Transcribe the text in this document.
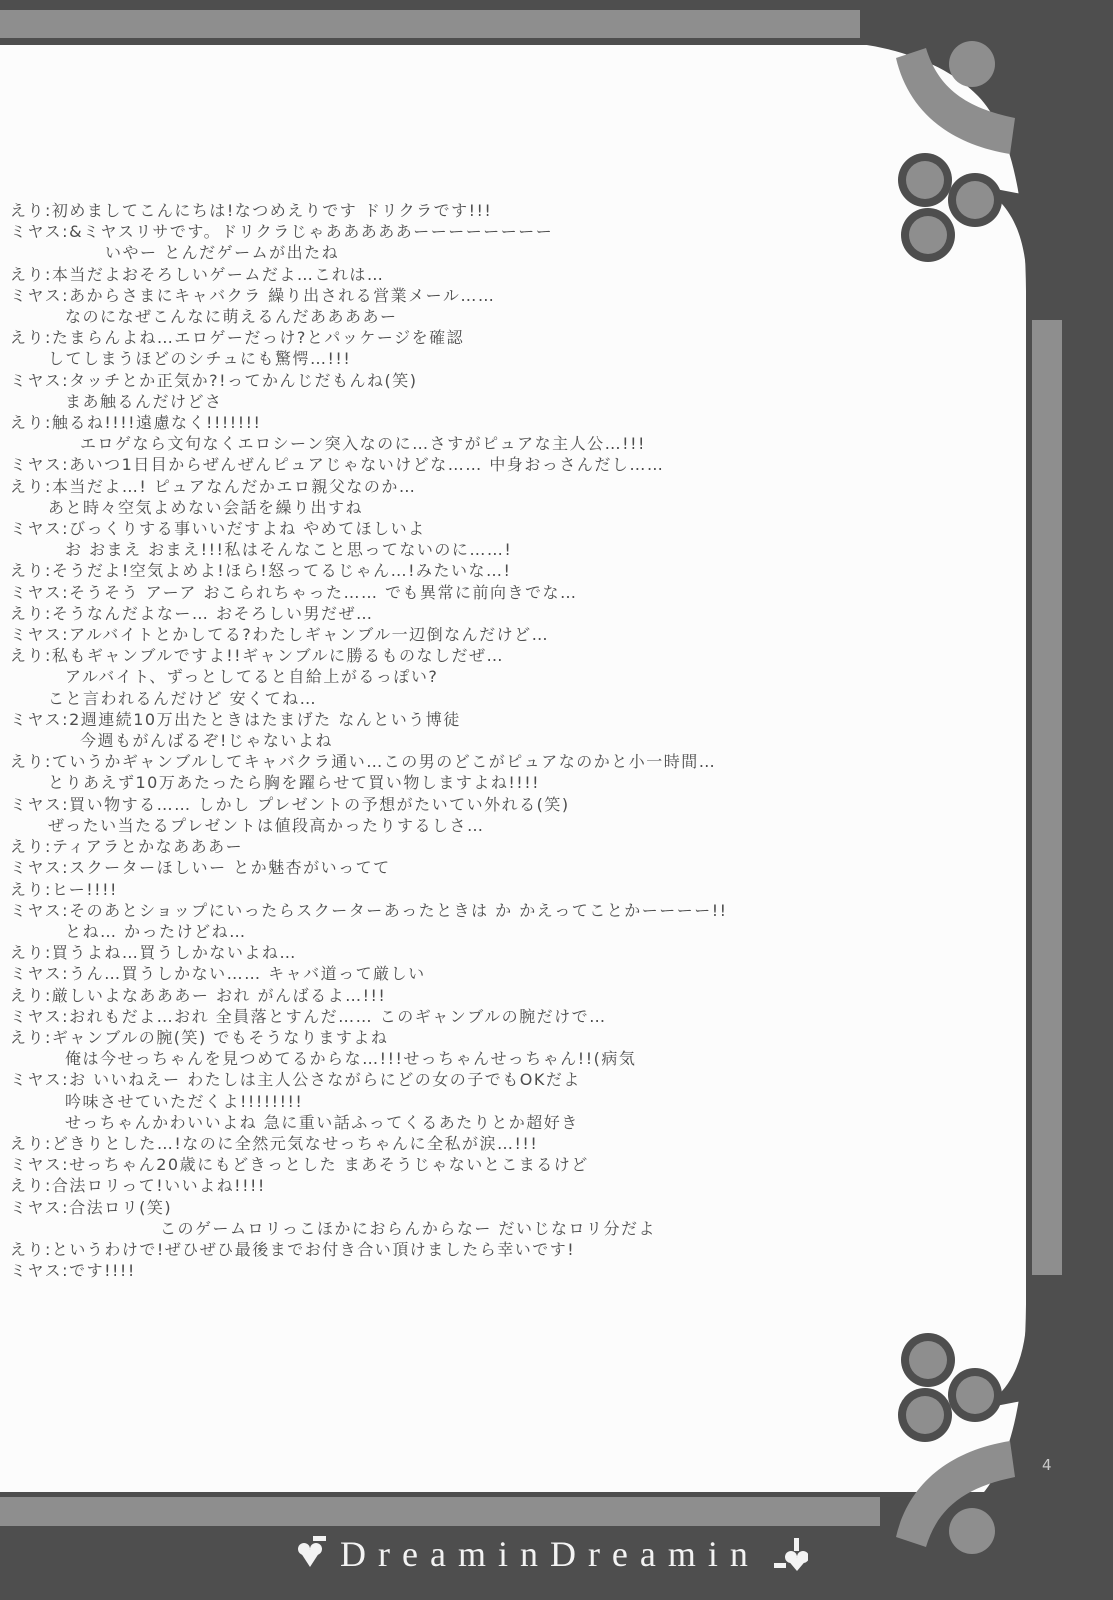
えり:初めましてこんにちは!なつめえりです ドリクラです!!!
ミヤス:&ミヤスリサです。ドリクラじゃあああああーーーーーーーー
いやー とんだゲームが出たね
えり:本当だよおそろしいゲームだよ…これは…
ミヤス:あからさまにキャバクラ 繰り出される営業メール……
なのになぜこんなに萌えるんだああああー
えり:たまらんよね…エロゲーだっけ?とパッケージを確認
してしまうほどのシチュにも驚愕…!!!
ミヤス:タッチとか正気か?!ってかんじだもんね(笑)
まあ触るんだけどさ
えり:触るね!!!!遠慮なく!!!!!!!
エロゲなら文句なくエロシーン突入なのに…さすがピュアな主人公…!!!
ミヤス:あいつ1日目からぜんぜんピュアじゃないけどな…… 中身おっさんだし……
えり:本当だよ…! ピュアなんだかエロ親父なのか…
あと時々空気よめない会話を繰り出すね
ミヤス:びっくりする事いいだすよね やめてほしいよ
お おまえ おまえ!!!私はそんなこと思ってないのに……!
えり:そうだよ!空気よめよ!ほら!怒ってるじゃん…!みたいな…!
ミヤス:そうそう アーア おこられちゃった…… でも異常に前向きでな…
えり:そうなんだよなー… おそろしい男だぜ…
ミヤス:アルバイトとかしてる?わたしギャンブル一辺倒なんだけど…
えり:私もギャンブルですよ!!ギャンブルに勝るものなしだぜ…
アルバイト、ずっとしてると自給上がるっぽい?
こと言われるんだけど 安くてね…
ミヤス:2週連続10万出たときはたまげた なんという博徒
今週もがんばるぞ!じゃないよね
えり:ていうかギャンブルしてキャバクラ通い…この男のどこがピュアなのかと小一時間…
とりあえず10万あたったら胸を躍らせて買い物しますよね!!!!
ミヤス:買い物する…… しかし プレゼントの予想がたいてい外れる(笑)
ぜったい当たるプレゼントは値段高かったりするしさ…
えり:ティアラとかなあああー
ミヤス:スクーターほしいー とか魅杏がいってて
えり:ヒー!!!!
ミヤス:そのあとショップにいったらスクーターあったときは か かえってことかーーーー!!
とね… かったけどね…
えり:買うよね…買うしかないよね…
ミヤス:うん…買うしかない…… キャバ道って厳しい
えり:厳しいよなあああー おれ がんばるよ…!!!
ミヤス:おれもだよ…おれ 全員落とすんだ…… このギャンブルの腕だけで…
えり:ギャンブルの腕(笑) でもそうなりますよね
俺は今せっちゃんを見つめてるからな…!!!せっちゃんせっちゃん!!(病気
ミヤス:お いいねえー わたしは主人公さながらにどの女の子でもOKだよ
吟味させていただくよ!!!!!!!!
せっちゃんかわいいよね 急に重い話ふってくるあたりとか超好き
えり:どきりとした…!なのに全然元気なせっちゃんに全私が涙…!!!
ミヤス:せっちゃん20歳にもどきっとした まあそうじゃないとこまるけど
えり:合法ロリって!いいよね!!!!
ミヤス:合法ロリ(笑)
このゲームロリっこほかにおらんからなー だいじなロリ分だよ
えり:というわけで!ぜひぜひ最後までお付き合い頂けましたら幸いです!
ミヤス:です!!!!
4
DreaminDreamin
